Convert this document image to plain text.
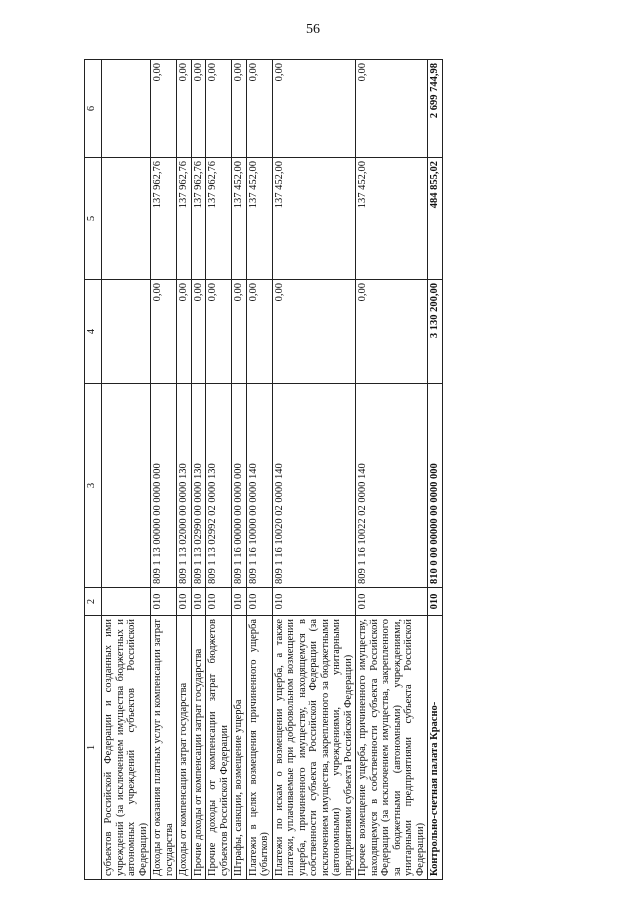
56
1	2	3	4	5	6
субъектов Российской Федерации и созданных ими учреждений (за исключением имущества бюджетных и автономных учреждений субъектов Российской Федерации)					
Доходы от оказания платных услуг и компенсации затрат государства	010	809 1 13 00000 00 0000 000	0,00	137 962,76	0,00
Доходы от компенсации затрат государства	010	809 1 13 02000 00 0000 130	0,00	137 962,76	0,00
Прочие доходы от компенсации затрат государства	010	809 1 13 02990 00 0000 130	0,00	137 962,76	0,00
Прочие доходы от компенсации затрат бюджетов субъектов Российской Федерации	010	809 1 13 02992 02 0000 130	0,00	137 962,76	0,00
Штрафы, санкции, возмещение ущерба	010	809 1 16 00000 00 0000 000	0,00	137 452,00	0,00
Платежи в целях возмещения причиненного ущерба (убытков)	010	809 1 16 10000 00 0000 140	0,00	137 452,00	0,00
Платежи по искам о возмещении ущерба, а также платежи, уплачиваемые при добровольном возмещении ущерба, причиненного имуществу, находящемуся в собственности субъекта Российской Федерации (за исключением имущества, закрепленного за бюджетными (автономными) учреждениями, унитарными предприятиями субъекта Российской Федерации)	010	809 1 16 10020 02 0000 140	0,00	137 452,00	0,00
Прочее возмещение ущерба, причиненного имуществу, находящемуся в собственности субъекта Российской Федерации (за исключением имущества, закрепленного за бюджетными (автономными) учреждениями, унитарными предприятиями субъекта Российской Федерации)	010	809 1 16 10022 02 0000 140	0,00	137 452,00	0,00
Контрольно-счетная палата Красно-	010	810 0 00 00000 00 0000 000	3 130 200,00	484 855,02	2 699 744,98
